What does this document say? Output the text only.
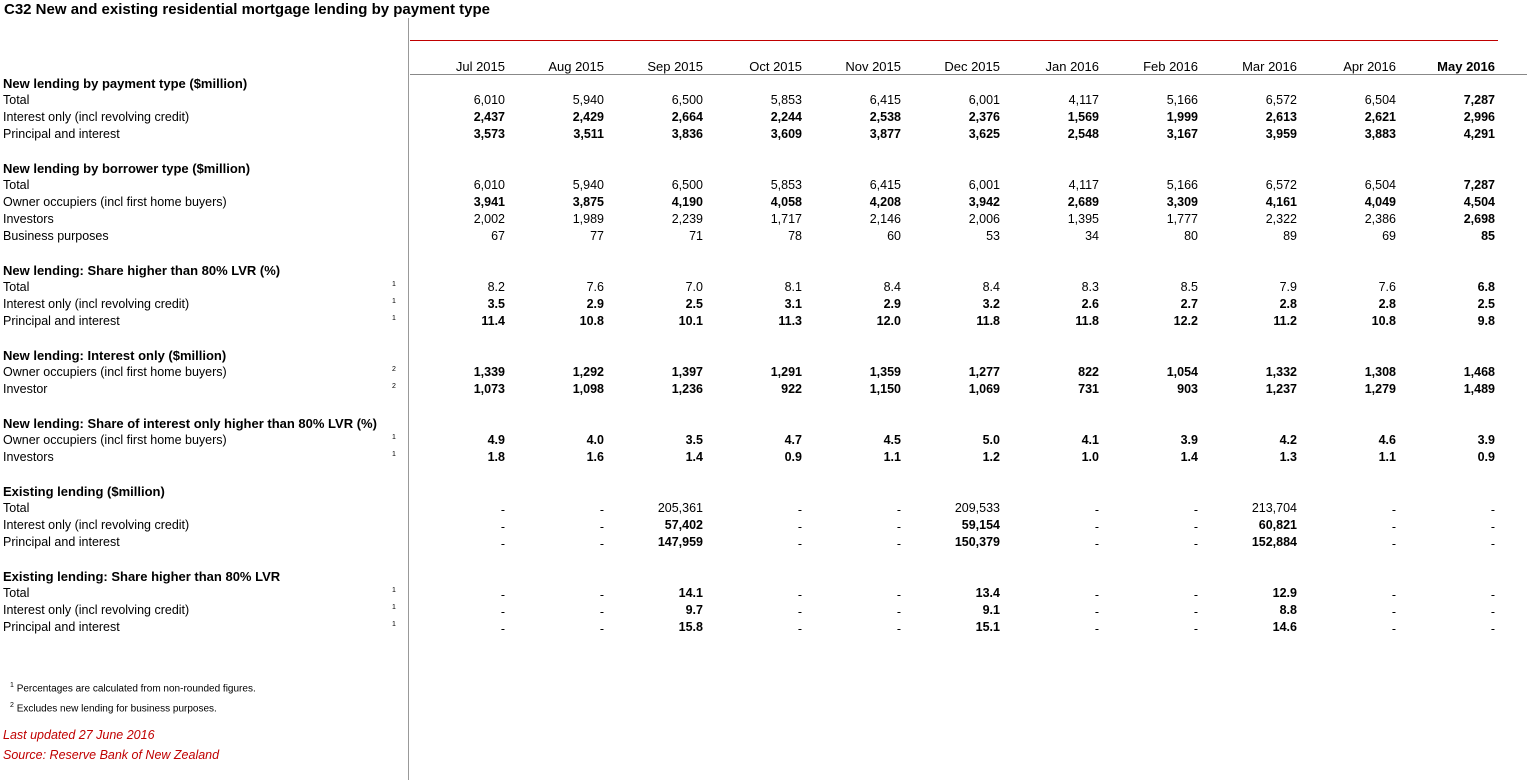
C32 New and existing residential mortgage lending by payment type
Jul 2015	Aug 2015	Sep 2015	Oct 2015	Nov 2015	Dec 2015	Jan 2016	Feb 2016	Mar 2016	Apr 2016	May 2016
New lending by payment type ($million)
Total	6,010	5,940	6,500	5,853	6,415	6,001	4,117	5,166	6,572	6,504	7,287
Interest only (incl revolving credit)	2,437	2,429	2,664	2,244	2,538	2,376	1,569	1,999	2,613	2,621	2,996
Principal and interest	3,573	3,511	3,836	3,609	3,877	3,625	2,548	3,167	3,959	3,883	4,291
New lending by borrower type ($million)
Total	6,010	5,940	6,500	5,853	6,415	6,001	4,117	5,166	6,572	6,504	7,287
Owner occupiers (incl first home buyers)	3,941	3,875	4,190	4,058	4,208	3,942	2,689	3,309	4,161	4,049	4,504
Investors	2,002	1,989	2,239	1,717	2,146	2,006	1,395	1,777	2,322	2,386	2,698
Business purposes	67	77	71	78	60	53	34	80	89	69	85
New lending: Share higher than 80% LVR (%)
Total	1	8.2	7.6	7.0	8.1	8.4	8.4	8.3	8.5	7.9	7.6	6.8
Interest only (incl revolving credit)	1	3.5	2.9	2.5	3.1	2.9	3.2	2.6	2.7	2.8	2.8	2.5
Principal and interest	1	11.4	10.8	10.1	11.3	12.0	11.8	11.8	12.2	11.2	10.8	9.8
New lending: Interest only ($million)
Owner occupiers (incl first home buyers)	2	1,339	1,292	1,397	1,291	1,359	1,277	822	1,054	1,332	1,308	1,468
Investor	2	1,073	1,098	1,236	922	1,150	1,069	731	903	1,237	1,279	1,489
New lending: Share of interest only higher than 80% LVR (%)
Owner occupiers (incl first home buyers)	1	4.9	4.0	3.5	4.7	4.5	5.0	4.1	3.9	4.2	4.6	3.9
Investors	1	1.8	1.6	1.4	0.9	1.1	1.2	1.0	1.4	1.3	1.1	0.9
Existing lending ($million)
Total	-	-	205,361	-	-	209,533	-	-	213,704	-	-
Interest only (incl revolving credit)	-	-	57,402	-	-	59,154	-	-	60,821	-	-
Principal and interest	-	-	147,959	-	-	150,379	-	-	152,884	-	-
Existing lending: Share higher than 80% LVR
Total	1	-	-	14.1	-	-	13.4	-	-	12.9	-	-
Interest only (incl revolving credit)	1	-	-	9.7	-	-	9.1	-	-	8.8	-	-
Principal and interest	1	-	-	15.8	-	-	15.1	-	-	14.6	-	-
$^1$ Percentages are calculated from non-rounded figures.
$^2$ Excludes new lending for business purposes.
Last updated 27 June 2016
Source: Reserve Bank of New Zealand
